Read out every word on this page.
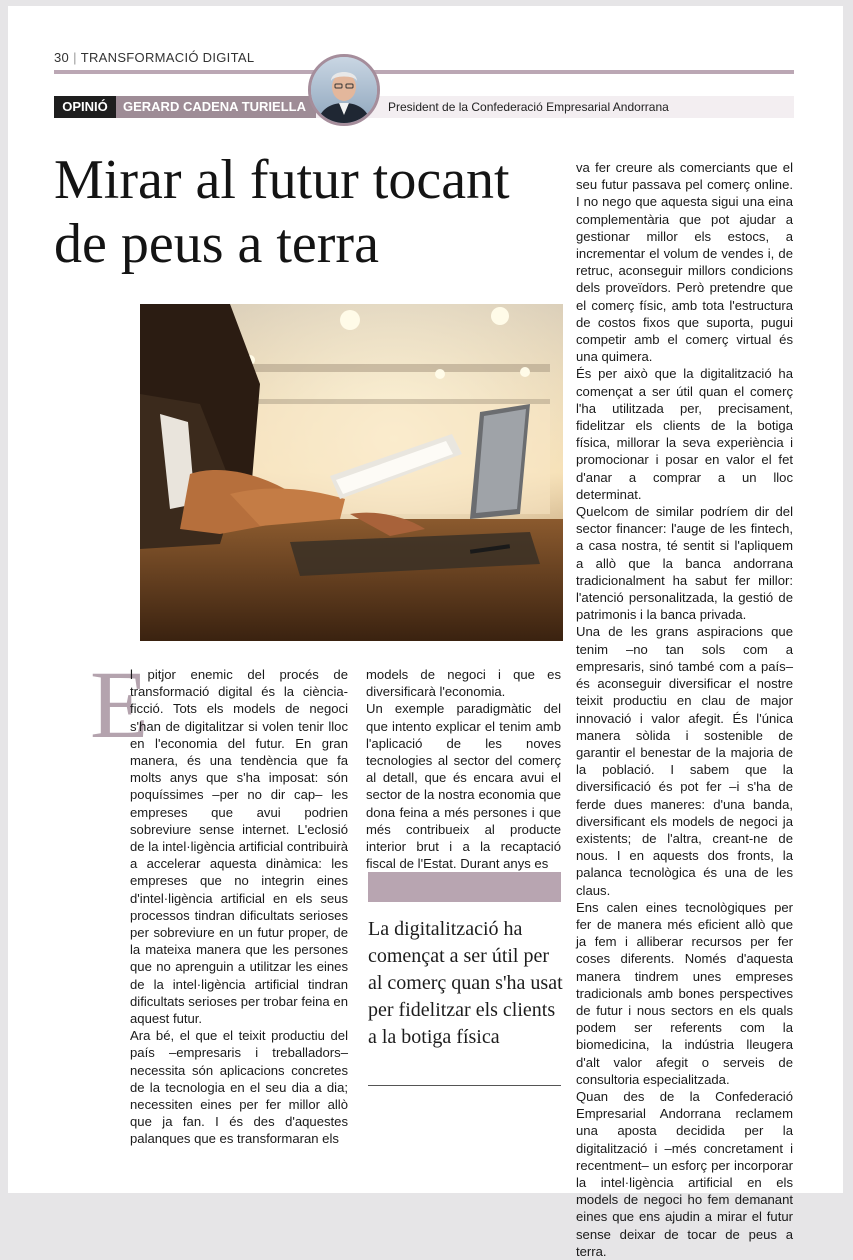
30 | TRANSFORMACIÓ DIGITAL
OPINIÓ	GERARD CADENA TURIELLA	President de la Confederació Empresarial Andorrana
Mirar al futur tocant
de peus a terra
E

l pitjor enemic del procés de transformació digital és la ciència-ficció. Tots els models de negoci s'han de digitalitzar si volen tenir lloc en l'economia del futur. En gran manera, és una tendència que fa molts anys que s'ha imposat: són poquíssimes –per no dir cap– les empreses que avui podrien sobreviure sense internet. L'eclosió de la intel·ligència artificial contribuirà a accelerar aquesta dinàmica: les empreses que no integrin eines d'intel·ligència artificial en els seus processos tindran dificultats serioses per sobreviure en un futur proper, de la mateixa manera que les persones que no aprenguin a utilitzar les eines de la intel·ligència artificial tindran dificultats serioses per trobar feina en aquest futur.

Ara bé, el que el teixit productiu del país –empresaris i treballadors– necessita són aplicacions concretes de la tecnologia en el seu dia a dia; necessiten eines per fer millor allò que ja fan. I és des d'aquestes palanques que es transformaran els

models de negoci i que es diversificarà l'economia.

Un exemple paradigmàtic del que intento explicar el tenim amb l'aplicació de les noves tecnologies al sector del comerç al detall, que és encara avui el sector de la nostra economia que dona feina a més persones i que més contribueix al producte interior brut i a la recaptació fiscal de l'Estat. Durant anys es

La digitalització ha començat a ser útil per al comerç quan s'ha usat per fidelitzar els clients a la botiga física

va fer creure als comerciants que el seu futur passava pel comerç online. I no nego que aquesta sigui una eina complementària que pot ajudar a gestionar millor els estocs, a incrementar el volum de vendes i, de retruc, aconseguir millors condicions dels proveïdors. Però pretendre que el comerç físic, amb tota l'estructura de costos fixos que suporta, pugui competir amb el comerç virtual és una quimera.

És per això que la digitalització ha començat a ser útil quan el comerç l'ha utilitzada per, precisament, fidelitzar els clients de la botiga física, millorar la seva experiència i promocionar i posar en valor el fet d'anar a comprar a un lloc determinat.

Quelcom de similar podríem dir del sector financer: l'auge de les fintech, a casa nostra, té sentit si l'apliquem a allò que la banca andorrana tradicionalment ha sabut fer millor: l'atenció personalitzada, la gestió de patrimonis i la banca privada.

Una de les grans aspiracions que tenim –no tan sols com a empresaris, sinó també com a país– és aconseguir diversificar el nostre teixit productiu en clau de major innovació i valor afegit. És l'única manera sòlida i sostenible de garantir el benestar de la majoria de la població. I sabem que la diversificació és pot fer –i s'ha de ferde dues maneres: d'una banda, diversificant els models de negoci ja existents; de l'altra, creant-ne de nous. I en aquests dos fronts, la palanca tecnològica és una de les claus.

Ens calen eines tecnològiques per fer de manera més eficient allò que ja fem i alliberar recursos per fer coses diferents. Només d'aquesta manera tindrem unes empreses tradicionals amb bones perspectives de futur i nous sectors en els quals podem ser referents com la biomedicina, la indústria lleugera d'alt valor afegit o serveis de consultoria especialitzada.

Quan des de la Confederació Empresarial Andorrana reclamem una aposta decidida per la digitalització i –més concretament i recentment– un esforç per incorporar la intel·ligència artificial en els models de negoci ho fem demanant eines que ens ajudin a mirar el futur sense deixar de tocar de peus a terra.
